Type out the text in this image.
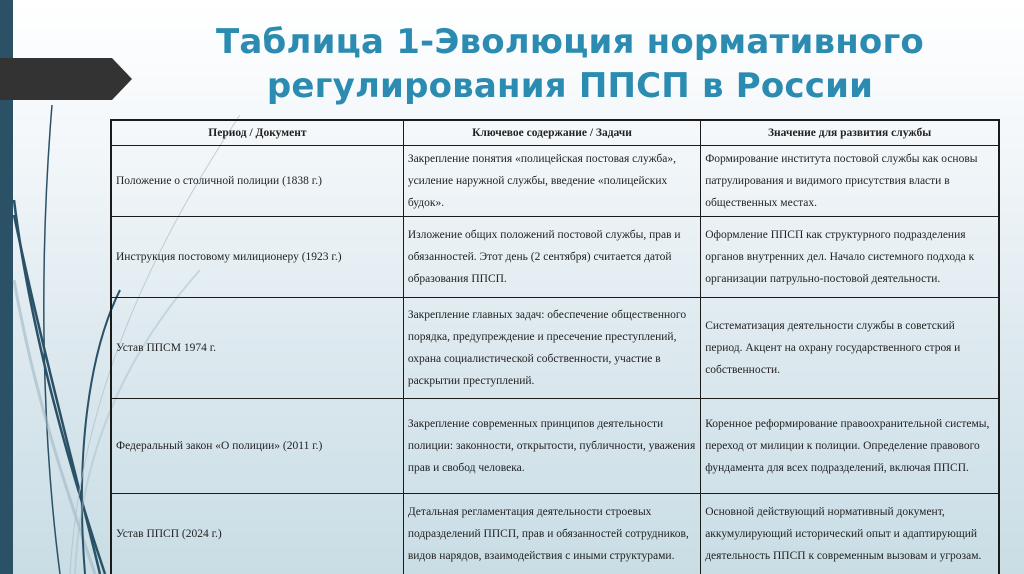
Таблица 1-Эволюция нормативного
регулирования ППСП в России
Период / Документ	Ключевое содержание / Задачи	Значение для развития службы
Положение о столичной полиции (1838 г.)	Закрепление понятия «полицейская постовая служба», усиление наружной службы, введение «полицейских будок».	Формирование института постовой службы как основы патрулирования и видимого присутствия власти в общественных местах.
Инструкция постовому милиционеру (1923 г.)	Изложение общих положений постовой службы, прав и обязанностей. Этот день (2 сентября) считается датой образования ППСП.	Оформление ППСП как структурного подразделения органов внутренних дел. Начало системного подхода к организации патрульно-постовой деятельности.
Устав ППСМ 1974 г.	Закрепление главных задач: обеспечение общественного порядка, предупреждение и пресечение преступлений, охрана социалистической собственности, участие в раскрытии преступлений.	Систематизация деятельности службы в советский период. Акцент на охрану государственного строя и собственности.
Федеральный закон «О полиции» (2011 г.)	Закрепление современных принципов деятельности полиции: законности, открытости, публичности, уважения прав и свобод человека.	Коренное реформирование правоохранительной системы, переход от милиции к полиции. Определение правового фундамента для всех подразделений, включая ППСП.
Устав ППСП (2024 г.)	Детальная регламентация деятельности строевых подразделений ППСП, прав и обязанностей сотрудников, видов нарядов, взаимодействия с иными структурами.	Основной действующий нормативный документ, аккумулирующий исторический опыт и адаптирующий деятельность ППСП к современным вызовам и угрозам.
